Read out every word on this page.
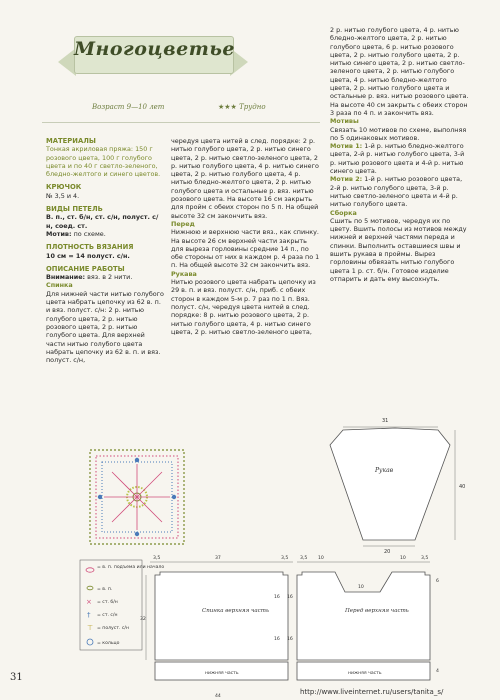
Многоцветье
Возраст 9—10 лет	★★★ Трудно

МАТЕРИАЛЫ

Тонкая акриловая пряжа: 150 г розового цвета, 100 г голубого цвета и по 40 г светло-зеленого, бледно-желтого и синего цветов.

КРЮЧОК

№ 3,5 и 4.

ВИДЫ ПЕТЕЛЬ

В. п., ст. б/н, ст. с/н, полуст. с/н, соед. ст.

Мотив: по схеме.

ПЛОТНОСТЬ ВЯЗАНИЯ

10 см = 14 полуст. с/н.

ОПИСАНИЕ РАБОТЫ

Внимание: вяз. в 2 нити.

Спинка

Для нижней части нитью голубого цвета набрать цепочку из 62 в. п. и вяз. полуст. с/н: 2 р. нитью голубого цвета, 2 р. нитью розового цвета, 2 р. нитью голубого цвета. Для верхней части нитью голубого цвета набрать цепочку из 62 в. п. и вяз. полуст. с/н,

чередуя цвета нитей в след. порядке: 2 р. нитью голубого цвета, 2 р. нитью синего цвета, 2 р. нитью светло-зеленого цвета, 2 р. нитью голубого цвета, 4 р. нитью синего цвета, 2 р. нитью голубого цвета, 4 р. нитью бледно-желтого цвета, 2 р. нитью голубого цвета и остальные р. вяз. нитью розового цвета. На высоте 16 см закрыть для пройм с обеих сторон по 5 п. На общей высоте 32 см закончить вяз.

Перед

Нижнюю и верхнюю части вяз., как спинку. На высоте 26 см верхней части закрыть для выреза горловины средние 14 п., по обе стороны от них в каждом р. 4 раза по 1 п. На общей высоте 32 см закончить вяз.

Рукава

Нитью розового цвета набрать цепочку из 29 в. п. и вяз. полуст. с/н, приб. с обеих сторон в каждом 5-м р. 7 раз по 1 п. Вяз. полуст. с/н, чередуя цвета нитей в след. порядке: 8 р. нитью розового цвета, 2 р. нитью голубого цвета, 4 р. нитью синего цвета, 2 р. нитью светло-зеленого цвета,

2 р. нитью голубого цвета, 4 р. нитью бледно-желтого цвета, 2 р. нитью голубого цвета, 6 р. нитью розового цвета, 2 р. нитью голубого цвета, 2 р. нитью синего цвета, 2 р. нитью светло-зеленого цвета, 2 р. нитью голубого цвета, 4 р. нитью бледно-желтого цвета, 2 р. нитью голубого цвета и остальные р. вяз. нитью розового цвета. На высоте 40 см закрыть с обеих сторон 3 раза по 4 п. и закончить вяз.

Мотивы

Связать 10 мотивов по схеме, выполняя по 5 одинаковых мотивов.

Мотив 1: 1-й р. нитью бледно-желтого цвета, 2-й р. нитью голубого цвета, 3-й р. нитью розового цвета и 4-й р. нитью синего цвета.

Мотив 2: 1-й р. нитью розового цвета, 2-й р. нитью голубого цвета, 3-й р. нитью светло-зеленого цвета и 4-й р. нитью голубого цвета.

Сборка

Сшить по 5 мотивов, чередуя их по цвету. Вшить полосы из мотивов между нижней и верхней частями переда и спинки. Выполнить оставшиеся швы и вшить рукава в проймы. Вырез горловины обвязать нитью голубого цвета 1 р. ст. б/н. Готовое изделие отпарить и дать ему высохнуть.

= в. п. подъема или начало
= в. п.
× = ст. б/н
† = ст. с/н
⊤ = полуст. с/н
= кольцо
31
40
20
Рукав
3,5	37	3,5
32
16
16
44
Спинка верхняя часть
нижняя часть
3,5 10	10	3,5
6
10
16
16
4
Перед верхняя часть
нижняя часть
31
http://www.liveinternet.ru/users/tanita_s/
